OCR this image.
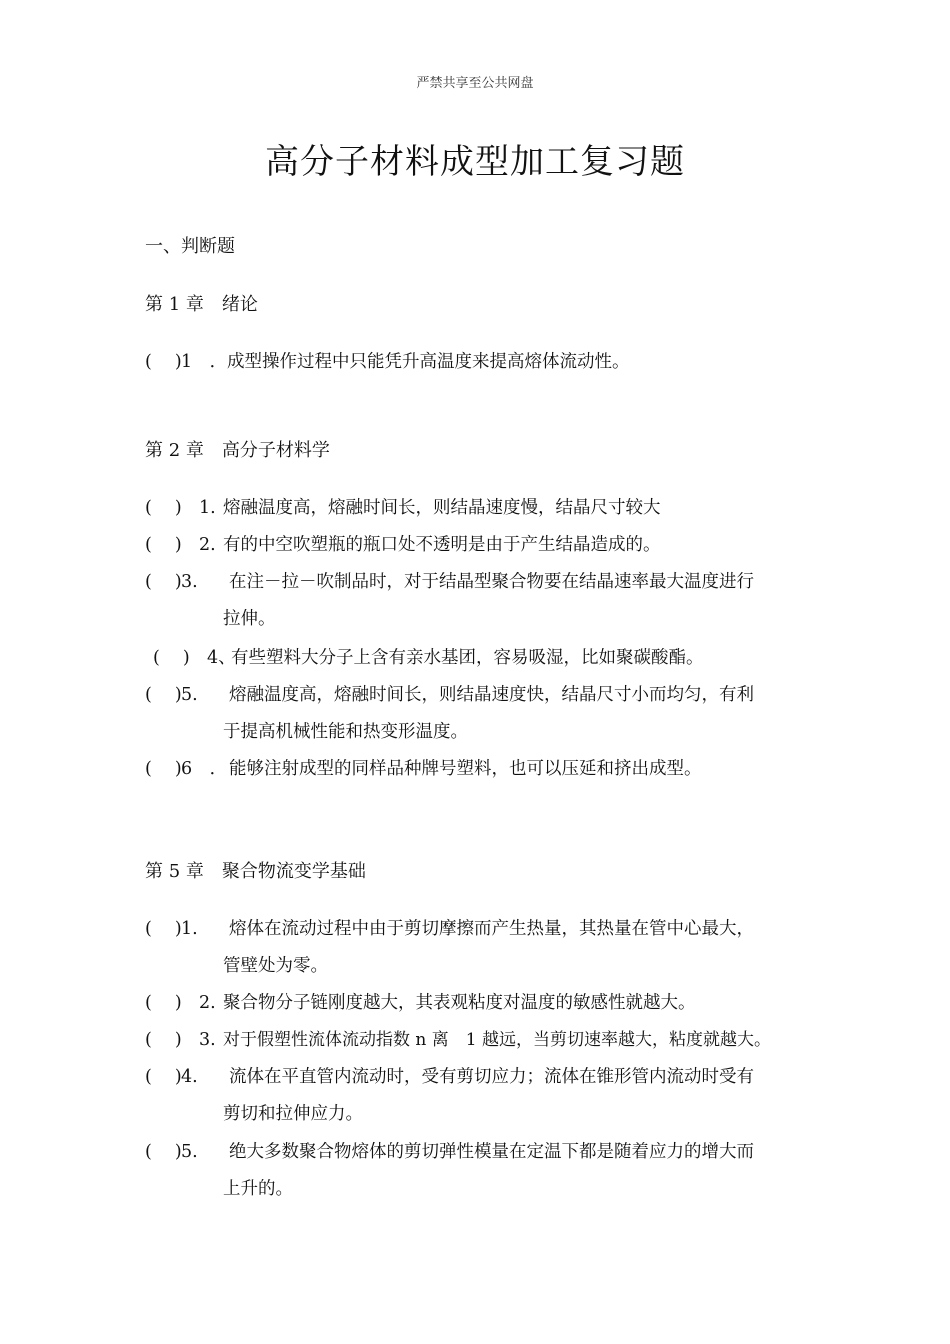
严禁共享至公共网盘
高分子材料成型加工复习题
一、判断题
第 1 章　绪论
(　 )1　．成型操作过程中只能凭升高温度来提高熔体流动性。
第 2 章　高分子材料学
(　 ) 1. 熔融温度高，熔融时间长，则结晶速度慢，结晶尺寸较大
(　 ) 2. 有的中空吹塑瓶的瓶口处不透明是由于产生结晶造成的。
(　 )3. 在注－拉－吹制品时，对于结晶型聚合物要在结晶速率最大温度进行
拉伸。
(　 ) 4、有些塑料大分子上含有亲水基团，容易吸湿，比如聚碳酸酯。
(　 )5. 熔融温度高，熔融时间长，则结晶速度快，结晶尺寸小而均匀，有利
于提高机械性能和热变形温度。
(　 )6　． 能够注射成型的同样品种牌号塑料，也可以压延和挤出成型。
第 5 章　聚合物流变学基础
(　 )1. 熔体在流动过程中由于剪切摩擦而产生热量，其热量在管中心最大，
管壁处为零。
(　 ) 2. 聚合物分子链刚度越大，其表观粘度对温度的敏感性就越大。
(　 ) 3. 对于假塑性流体流动指数 n 离　1 越远，当剪切速率越大，粘度就越大。
(　 )4. 流体在平直管内流动时，受有剪切应力；流体在锥形管内流动时受有
剪切和拉伸应力。
(　 )5. 绝大多数聚合物熔体的剪切弹性模量在定温下都是随着应力的增大而
上升的。
